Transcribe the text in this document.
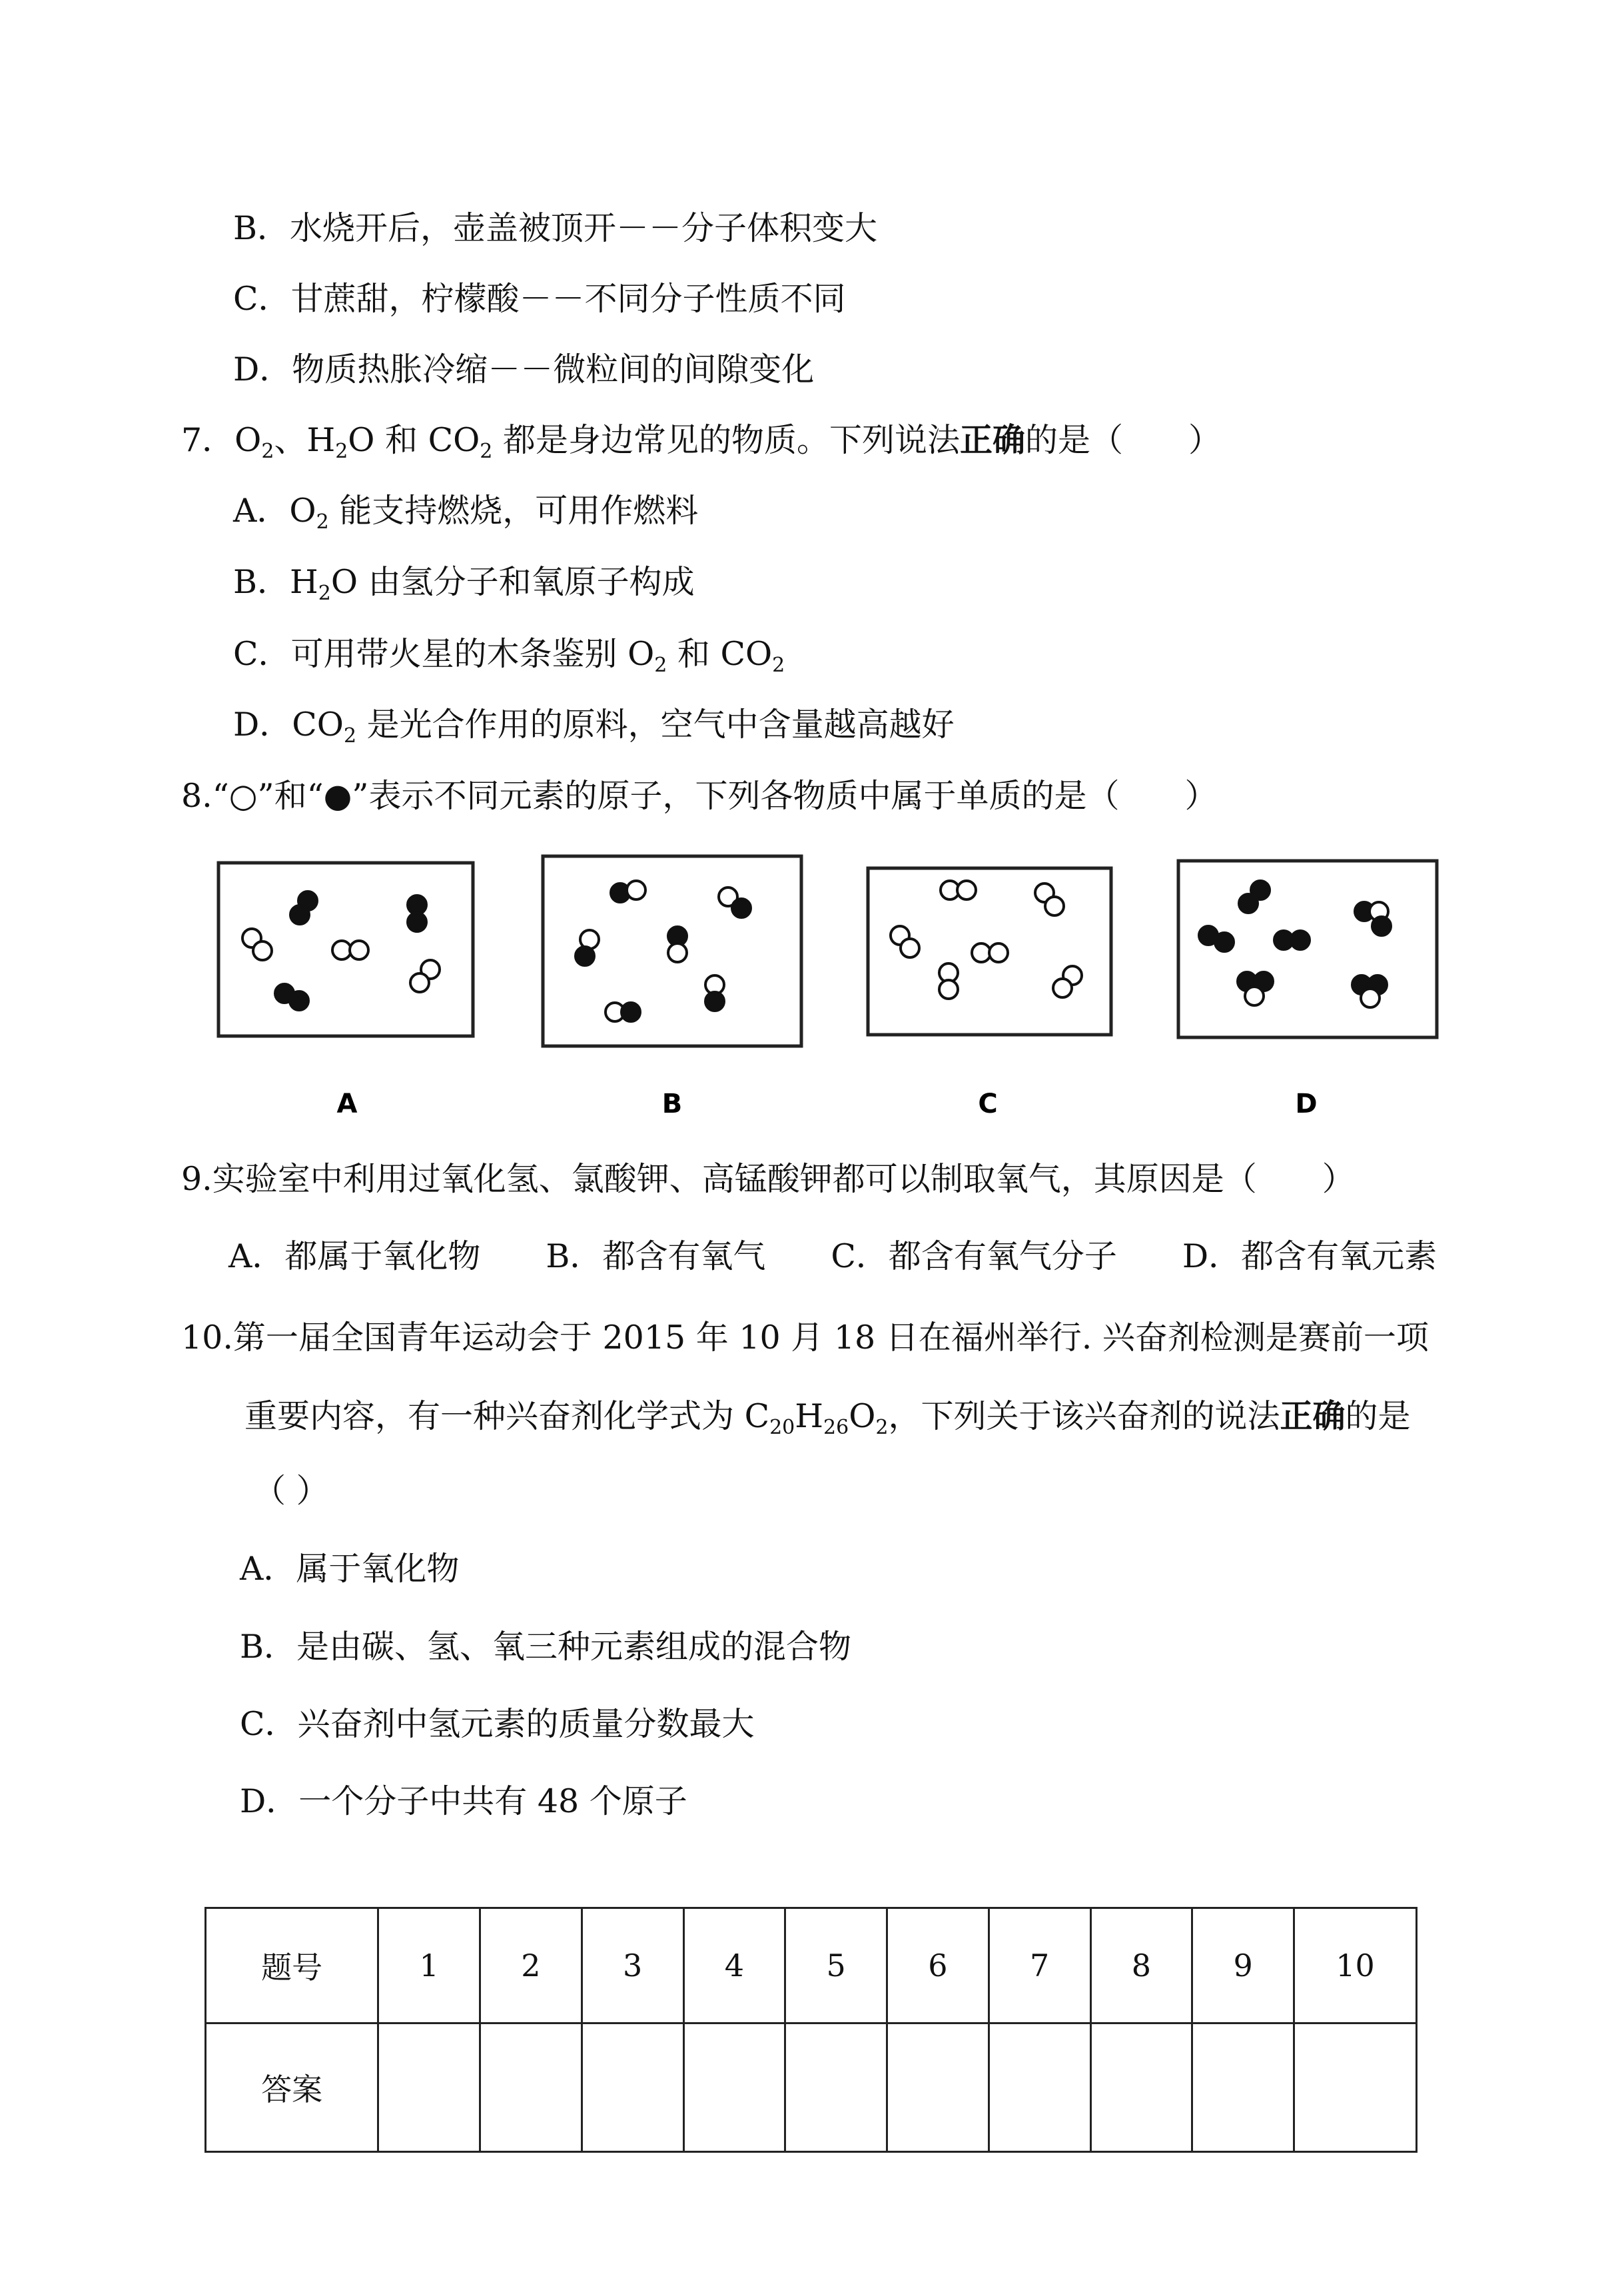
B．水烧开后，壶盖被顶开－－分子体积变大
C．甘蔗甜，柠檬酸－－不同分子性质不同
D．物质热胀冷缩－－微粒间的间隙变化
7．$O_2$、$H_2O$ 和 $CO_2$ 都是身边常见的物质。下列说法正确的是（　　）
A．$O_2$ 能支持燃烧，可用作燃料
B．$H_2O$ 由氢分子和氧原子构成
C．可用带火星的木条鉴别 $O_2$ 和 $CO_2$
D．$CO_2$ 是光合作用的原料，空气中含量越高越好
8.“○”和“●”表示不同元素的原子，下列各物质中属于单质的是（　　）
A	B	C	D
9.实验室中利用过氧化氢、氯酸钾、高锰酸钾都可以制取氧气，其原因是（　　）
A．都属于氧化物　　B．都含有氧气　　C．都含有氧气分子　　D．都含有氧元素
10.第一届全国青年运动会于 2015 年 10 月 18 日在福州举行. 兴奋剂检测是赛前一项
重要内容，有一种兴奋剂化学式为 $C_{20}H_{26}O_2$，下列关于该兴奋剂的说法正确的是
（ ）
A．属于氧化物
B．是由碳、氢、氧三种元素组成的混合物
C．兴奋剂中氢元素的质量分数最大
D．一个分子中共有 48 个原子
题号	1	2	3	4	5	6	7	8	9	10
答案										
